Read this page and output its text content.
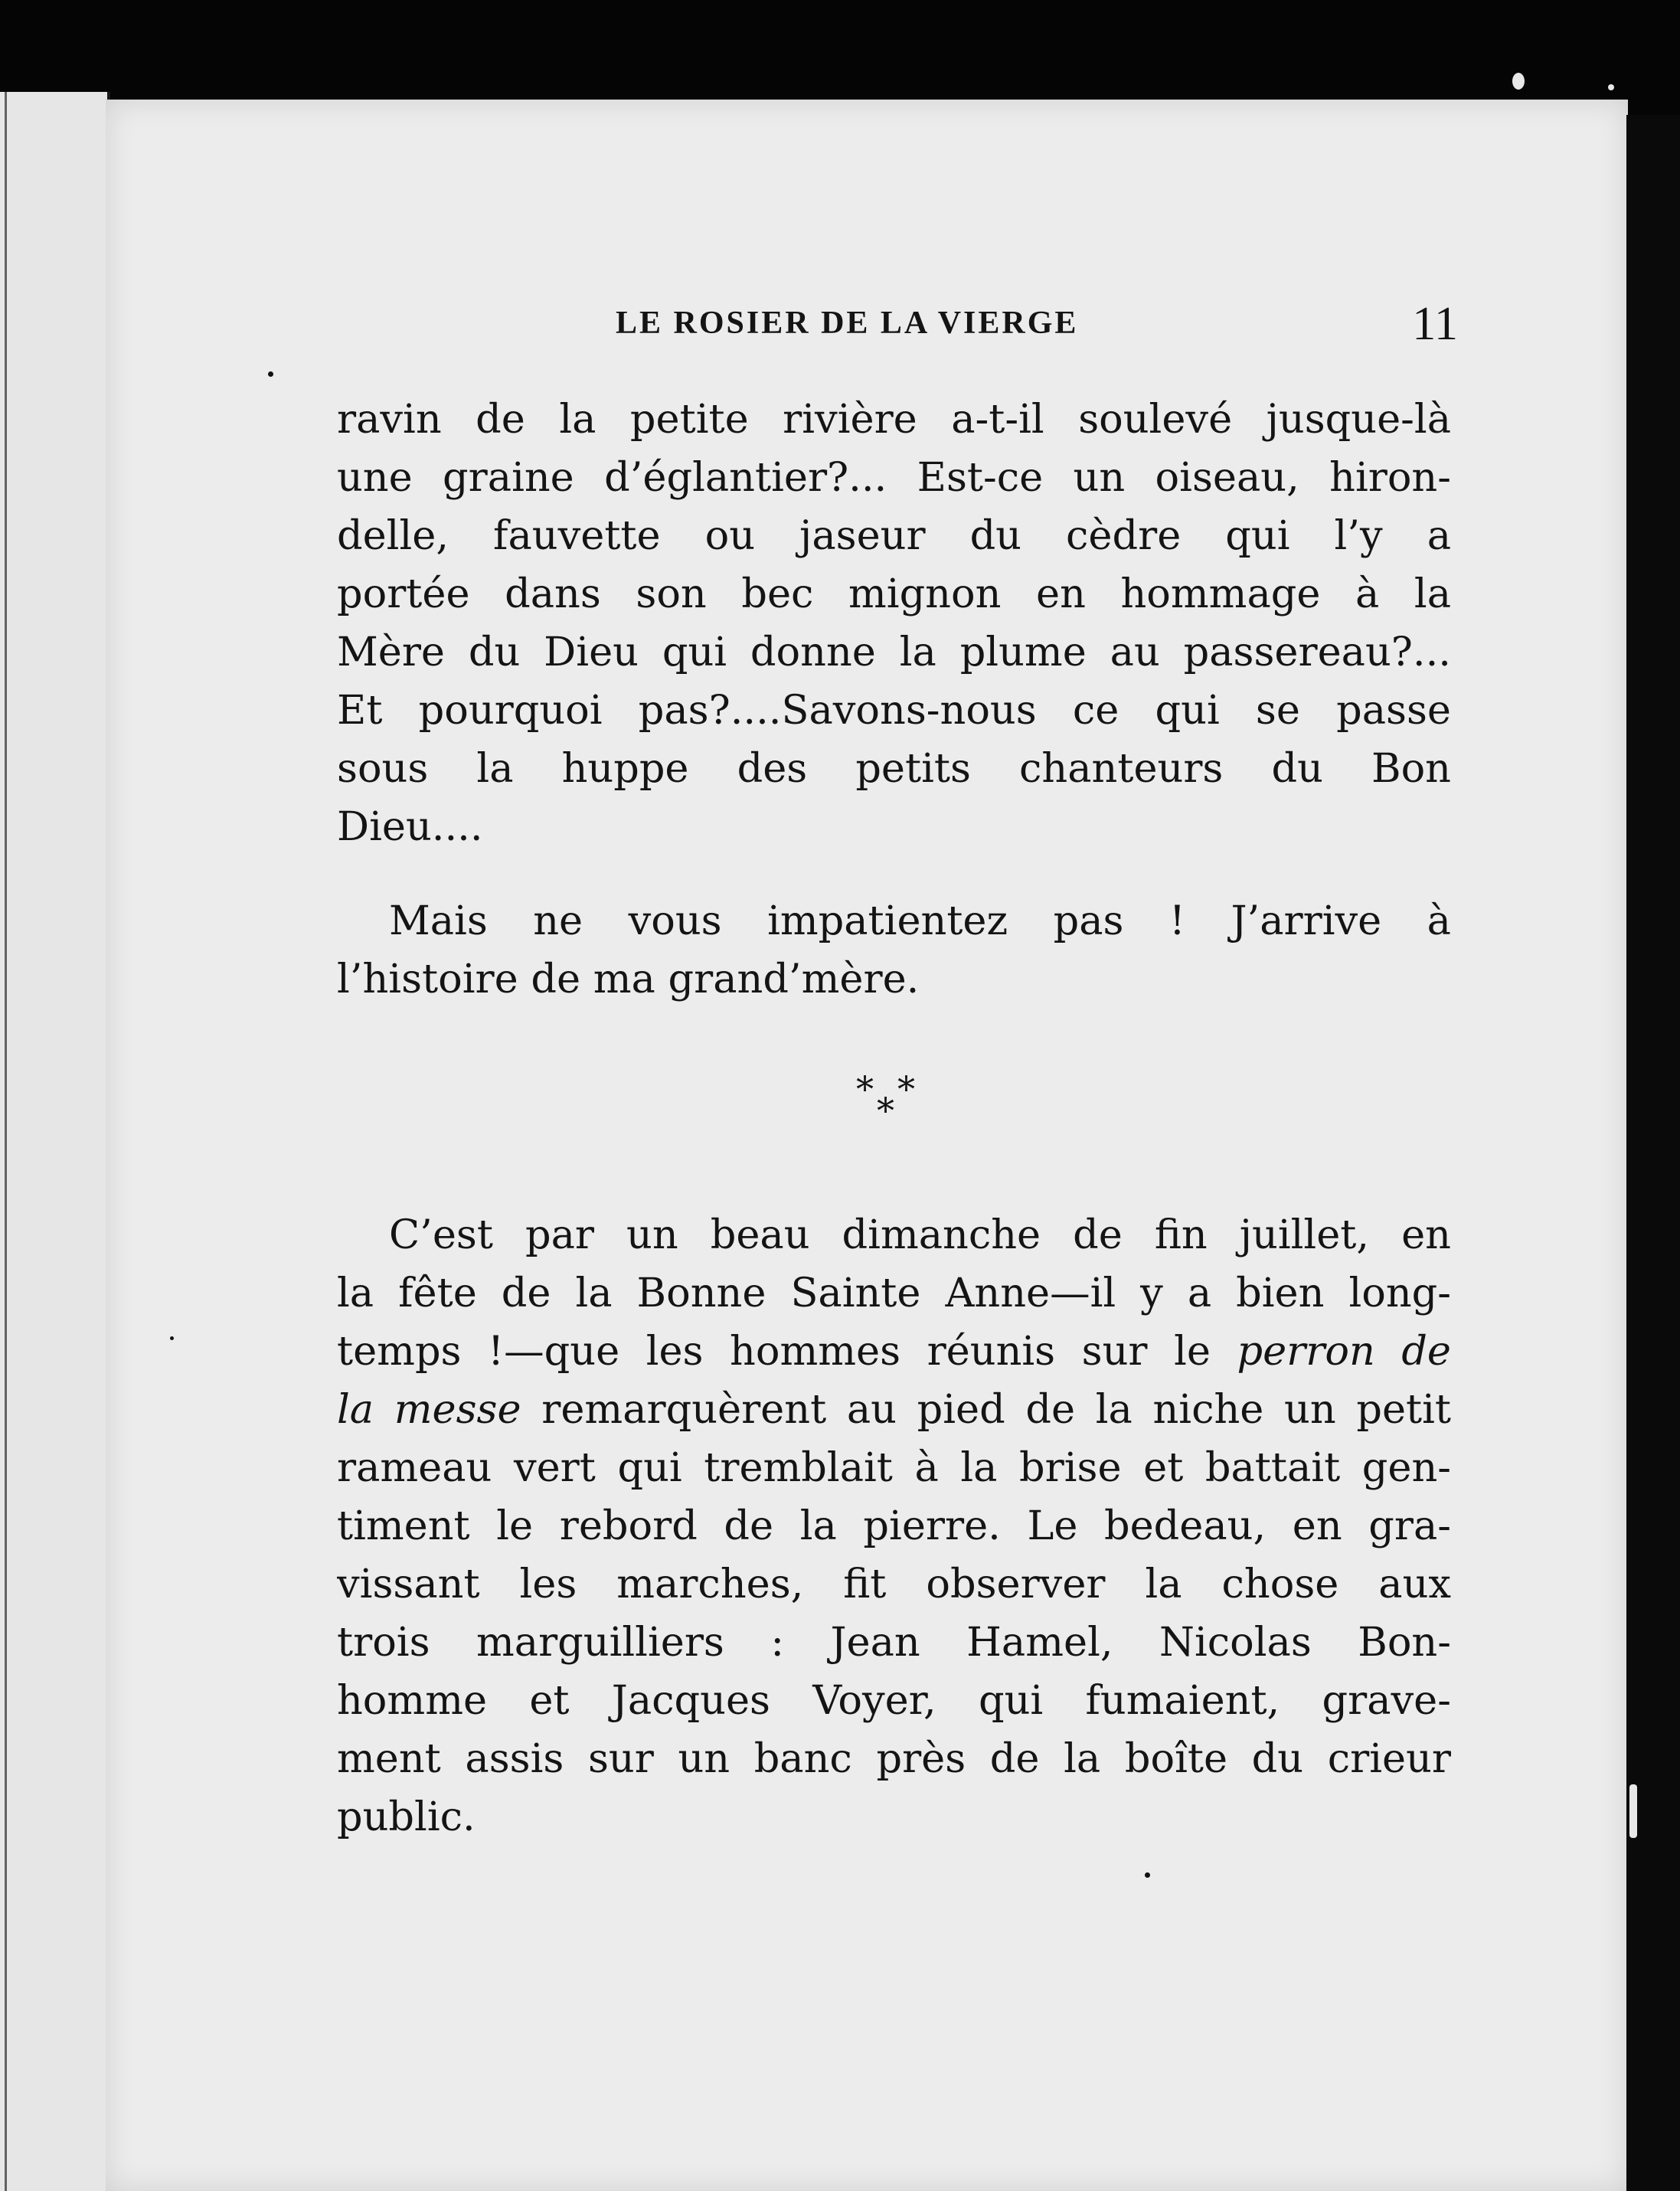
LE ROSIER DE LA VIERGE	11
ravin de la petite rivière a-t-il soulevé jusque-là
une graine d’églantier?... Est-ce un oiseau, hiron-
delle, fauvette ou jaseur du cèdre qui l’y a
portée dans son bec mignon en hommage à la
Mère du Dieu qui donne la plume au passereau?...
Et pourquoi pas?....Savons-nous ce qui se passe
sous la huppe des petits chanteurs du Bon
Dieu....
Mais ne vous impatientez pas ! J’arrive à
l’histoire de ma grand’mère.
* *
*
C’est par un beau dimanche de fin juillet, en
la fête de la Bonne Sainte Anne—il y a bien long-
temps !—que les hommes réunis sur le perron de
la messe remarquèrent au pied de la niche un petit
rameau vert qui tremblait à la brise et battait gen-
timent le rebord de la pierre. Le bedeau, en gra-
vissant les marches, fit observer la chose aux
trois marguilliers : Jean Hamel, Nicolas Bon-
homme et Jacques Voyer, qui fumaient, grave-
ment assis sur un banc près de la boîte du crieur
public.
